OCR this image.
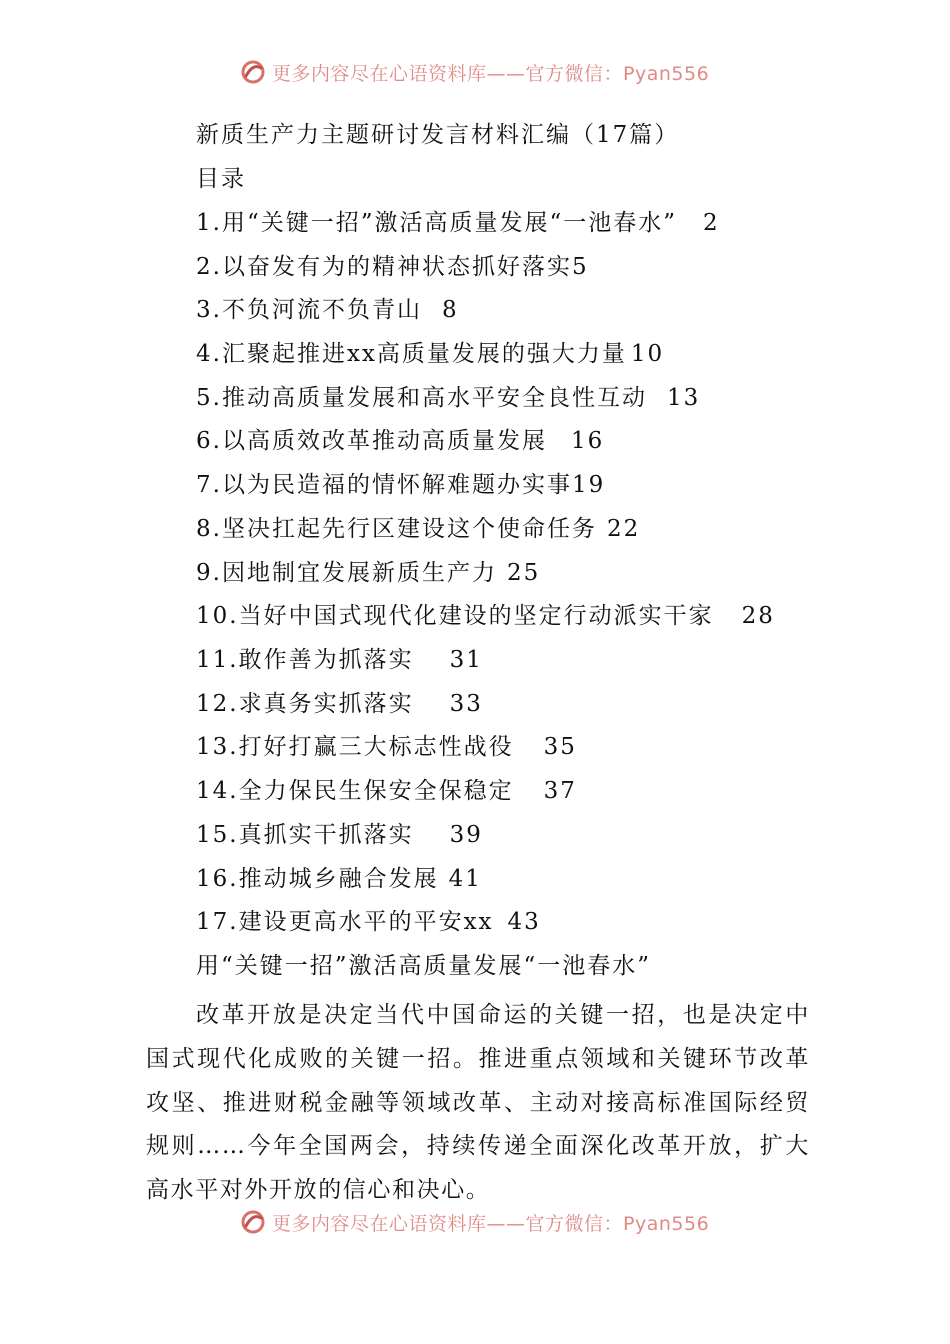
更多内容尽在心语资料库——官方微信：Pyan556
新质生产力主题研讨发言材料汇编（17篇）
目录
1.用“关键一招”激活高质量发展“一池春水” 2
2.以奋发有为的精神状态抓好落实 5
3.不负河流不负青山 8
4.汇聚起推进xx高质量发展的强大力量 10
5.推动高质量发展和高水平安全良性互动 13
6.以高质效改革推动高质量发展 16
7.以为民造福的情怀解难题办实事 19
8.坚决扛起先行区建设这个使命任务 22
9.因地制宜发展新质生产力 25
10.当好中国式现代化建设的坚定行动派实干家 28
11.敢作善为抓落实 31
12.求真务实抓落实 33
13.打好打赢三大标志性战役 35
14.全力保民生保安全保稳定 37
15.真抓实干抓落实 39
16.推动城乡融合发展 41
17.建设更高水平的平安xx 43
用“关键一招”激活高质量发展“一池春水”

改革开放是决定当代中国命运的关键一招，也是决定中国式现代化成败的关键一招。推进重点领域和关键环节改革攻坚、推进财税金融等领域改革、主动对接高标准国际经贸规则……今年全国两会，持续传递全面深化改革开放，扩大高水平对外开放的信心和决心。

更多内容尽在心语资料库——官方微信：Pyan556
